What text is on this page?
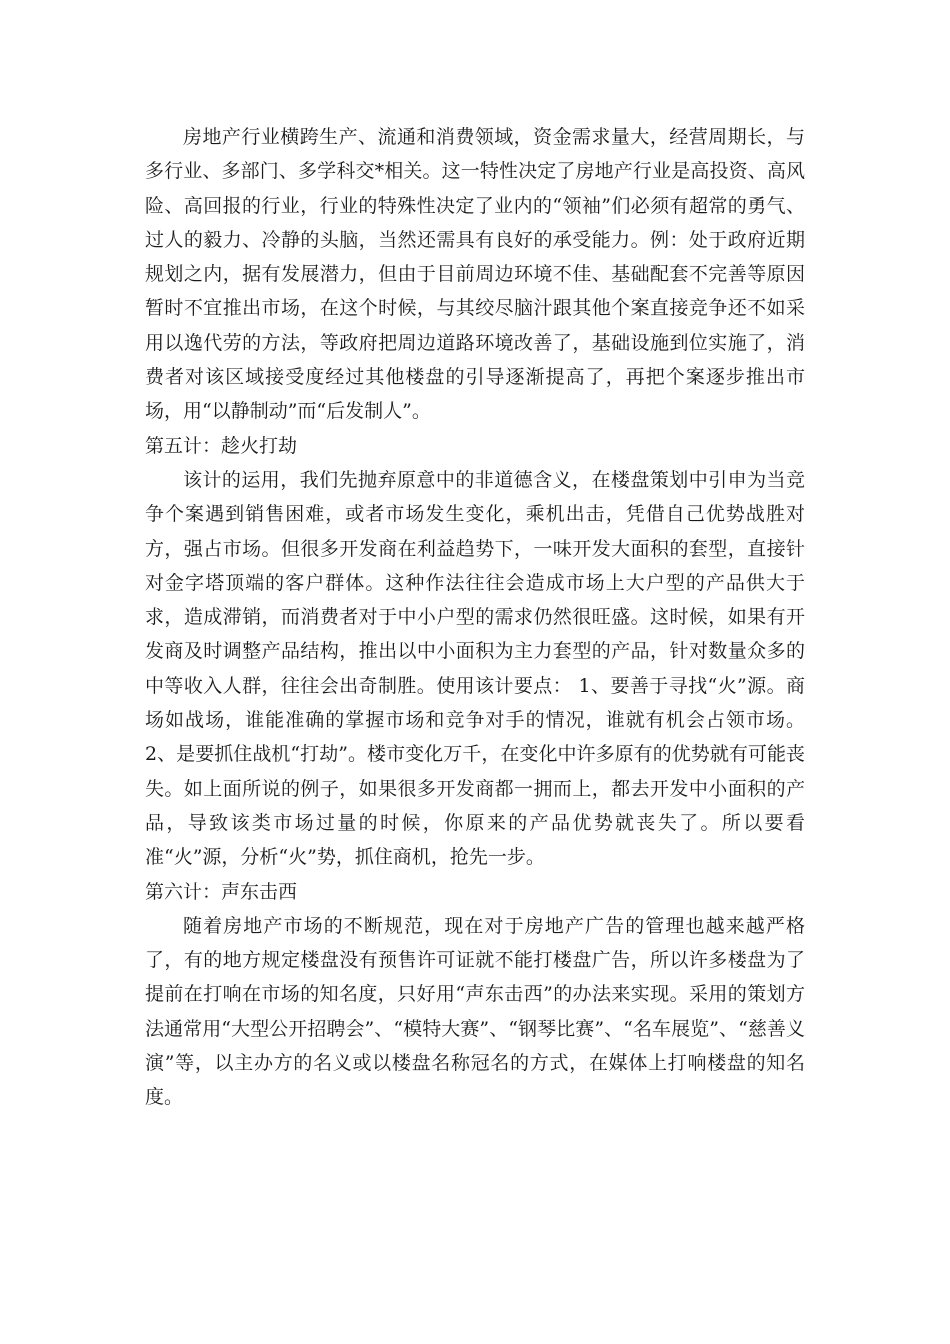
房地产行业横跨生产、流通和消费领域，资金需求量大，经营周期长，与多行业、多部门、多学科交*相关。这一特性决定了房地产行业是高投资、高风险、高回报的行业，行业的特殊性决定了业内的“领袖”们必须有超常的勇气、过人的毅力、冷静的头脑，当然还需具有良好的承受能力。例：处于政府近期规划之内，据有发展潜力，但由于目前周边环境不佳、基础配套不完善等原因暂时不宜推出市场，在这个时候，与其绞尽脑汁跟其他个案直接竞争还不如采用以逸代劳的方法，等政府把周边道路环境改善了，基础设施到位实施了，消费者对该区域接受度经过其他楼盘的引导逐渐提高了，再把个案逐步推出市场，用“以静制动”而“后发制人”。

第五计：趁火打劫

该计的运用，我们先抛弃原意中的非道德含义，在楼盘策划中引申为当竞争个案遇到销售困难，或者市场发生变化，乘机出击，凭借自己优势战胜对方，强占市场。但很多开发商在利益趋势下，一味开发大面积的套型，直接针对金字塔顶端的客户群体。这种作法往往会造成市场上大户型的产品供大于求，造成滞销，而消费者对于中小户型的需求仍然很旺盛。这时候，如果有开发商及时调整产品结构，推出以中小面积为主力套型的产品，针对数量众多的中等收入人群，往往会出奇制胜。使用该计要点： 1、要善于寻找“火”源。商场如战场，谁能准确的掌握市场和竞争对手的情况，谁就有机会占领市场。 2、是要抓住战机“打劫”。楼市变化万千，在变化中许多原有的优势就有可能丧失。如上面所说的例子，如果很多开发商都一拥而上，都去开发中小面积的产品，导致该类市场过量的时候，你原来的产品优势就丧失了。所以要看准“火”源，分析“火”势，抓住商机，抢先一步。

第六计：声东击西

随着房地产市场的不断规范，现在对于房地产广告的管理也越来越严格了，有的地方规定楼盘没有预售许可证就不能打楼盘广告，所以许多楼盘为了提前在打响在市场的知名度，只好用“声东击西”的办法来实现。采用的策划方法通常用“大型公开招聘会”、“模特大赛”、“钢琴比赛”、“名车展览”、“慈善义演”等，以主办方的名义或以楼盘名称冠名的方式，在媒体上打响楼盘的知名度。
